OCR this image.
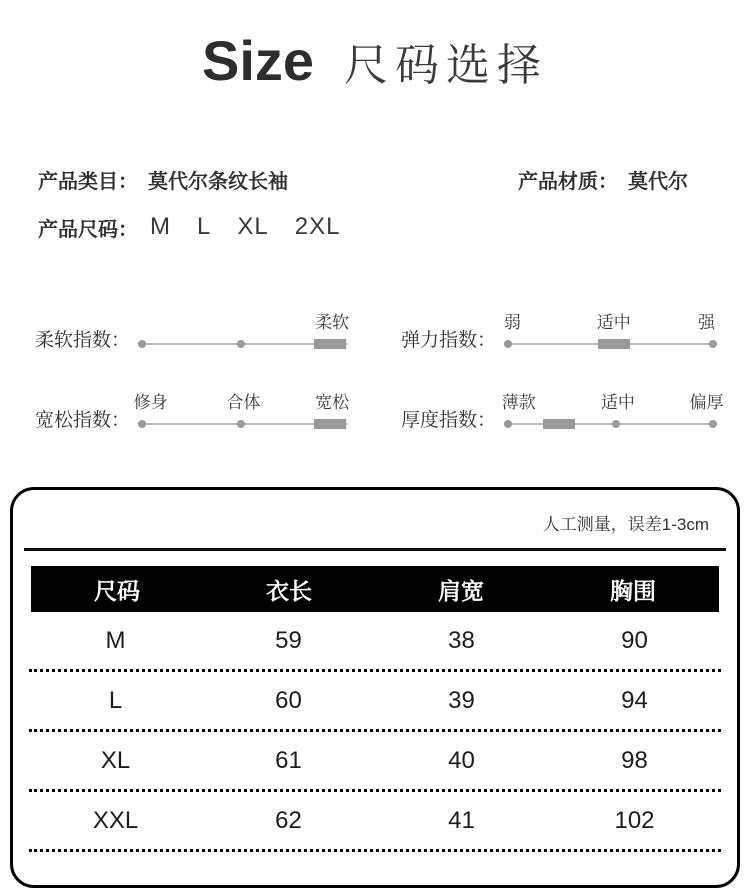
Size 尺码选择
产品类目： 莫代尔条纹长袖	产品材质： 莫代尔
产品尺码： M L XL 2XL
柔软指数：
柔软
弹力指数：
弱	适中	强
宽松指数：
修身	合体	宽松
厚度指数：
薄款	适中	偏厚
人工测量，误差1-3cm
尺码	衣长	肩宽	胸围
M	59	38	90
L	60	39	94
XL	61	40	98
XXL	62	41	102
